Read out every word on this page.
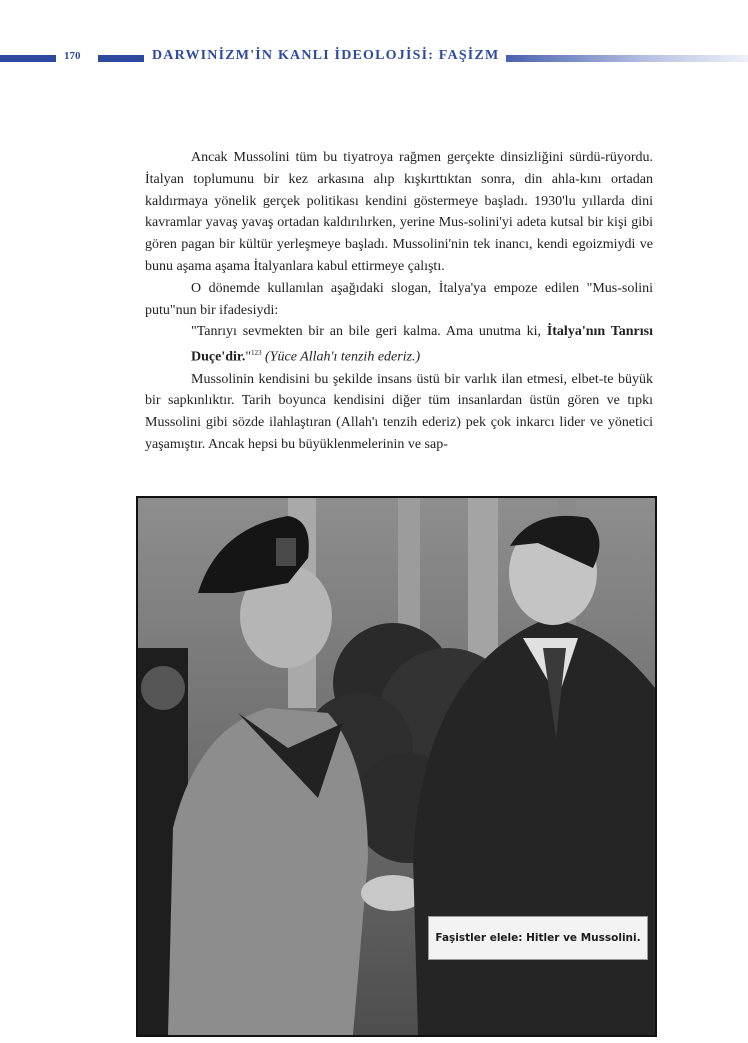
170	DARWINİZM'İN KANLI İDEOLOJİSİ: FAŞİZM

Ancak Mussolini tüm bu tiyatroya rağmen gerçekte dinsizliğini sürdü-rüyordu. İtalyan toplumunu bir kez arkasına alıp kışkırttıktan sonra, din ahla-kını ortadan kaldırmaya yönelik gerçek politikası kendini göstermeye başladı. 1930'lu yıllarda dini kavramlar yavaş yavaş ortadan kaldırılırken, yerine Mus-solini'yi adeta kutsal bir kişi gibi gören pagan bir kültür yerleşmeye başladı. Mussolini'nin tek inancı, kendi egoizmiydi ve bunu aşama aşama İtalyanlara kabul ettirmeye çalıştı.

O dönemde kullanılan aşağıdaki slogan, İtalya'ya empoze edilen "Mus-solini putu"nun bir ifadesiydi:

"Tanrıyı sevmekten bir an bile geri kalma. Ama unutma ki, İtalya'nın Tanrısı Duçe'dir."$^{123}$ (Yüce Allah'ı tenzih ederiz.)

Mussolinin kendisini bu şekilde insans üstü bir varlık ilan etmesi, elbet-te büyük bir sapkınlıktır. Tarih boyunca kendisini diğer tüm insanlardan üstün gören ve tıpkı Mussolini gibi sözde ilahlaştıran (Allah'ı tenzih ederiz) pek çok inkarcı lider ve yönetici yaşamıştır. Ancak hepsi bu büyüklenmelerinin ve sap-

Faşistler elele: Hitler ve Mussolini.
